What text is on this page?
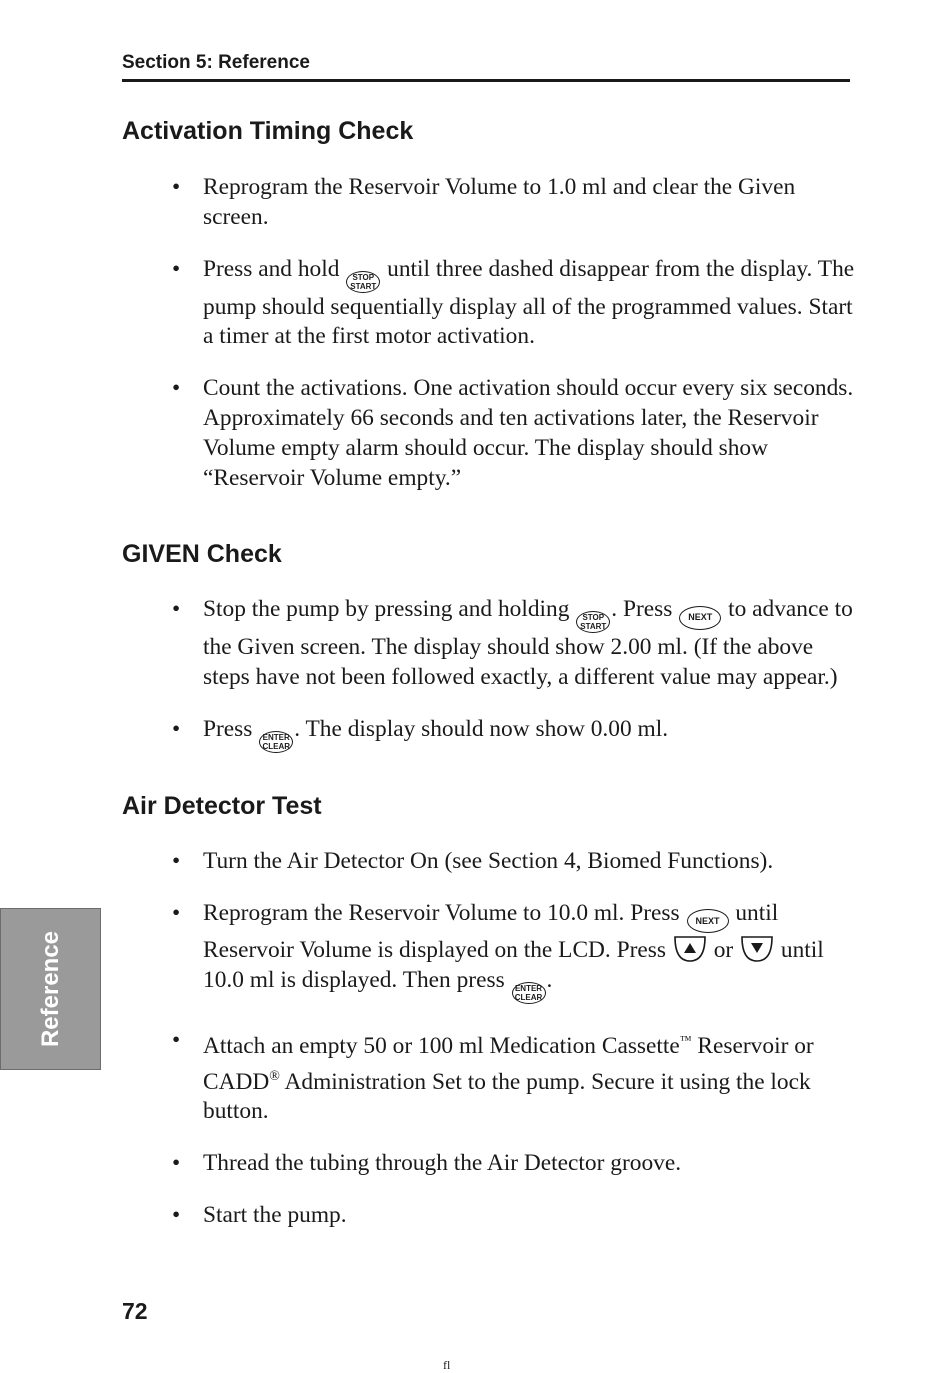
Section 5: Reference
Activation Timing Check
• Reprogram the Reservoir Volume to 1.0 ml and clear the Given screen.
• Press and hold STOP
START
until three dashed disappear from the display. The pump should sequentially display all of the programmed values. Start a timer at the first motor activation.
• Count the activations. One activation should occur every six seconds. Approximately 66 seconds and ten activations later, the Reservoir Volume empty alarm should occur. The display should show “Reservoir Volume empty.”
GIVEN Check
• Stop the pump by pressing and holding STOP
START
. Press NEXT to advance to the Given screen. The display should show 2.00 ml. (If the above steps have not been followed exactly, a different value may appear.)
• Press ENTER
CLEAR
. The display should now show 0.00 ml.
Air Detector Test
• Turn the Air Detector On (see Section 4, Biomed Functions).
• Reprogram the Reservoir Volume to 10.0 ml. Press NEXT until Reservoir Volume is displayed on the LCD. Press  or  until 10.0 ml is displayed. Then press ENTER
CLEAR
.
• Attach an empty 50 or 100 ml Medication Cassette™ Reservoir or CADD® Administration Set to the pump. Secure it using the lock button.
• Thread the tubing through the Air Detector groove.
• Start the pump.
Reference
72
fl
